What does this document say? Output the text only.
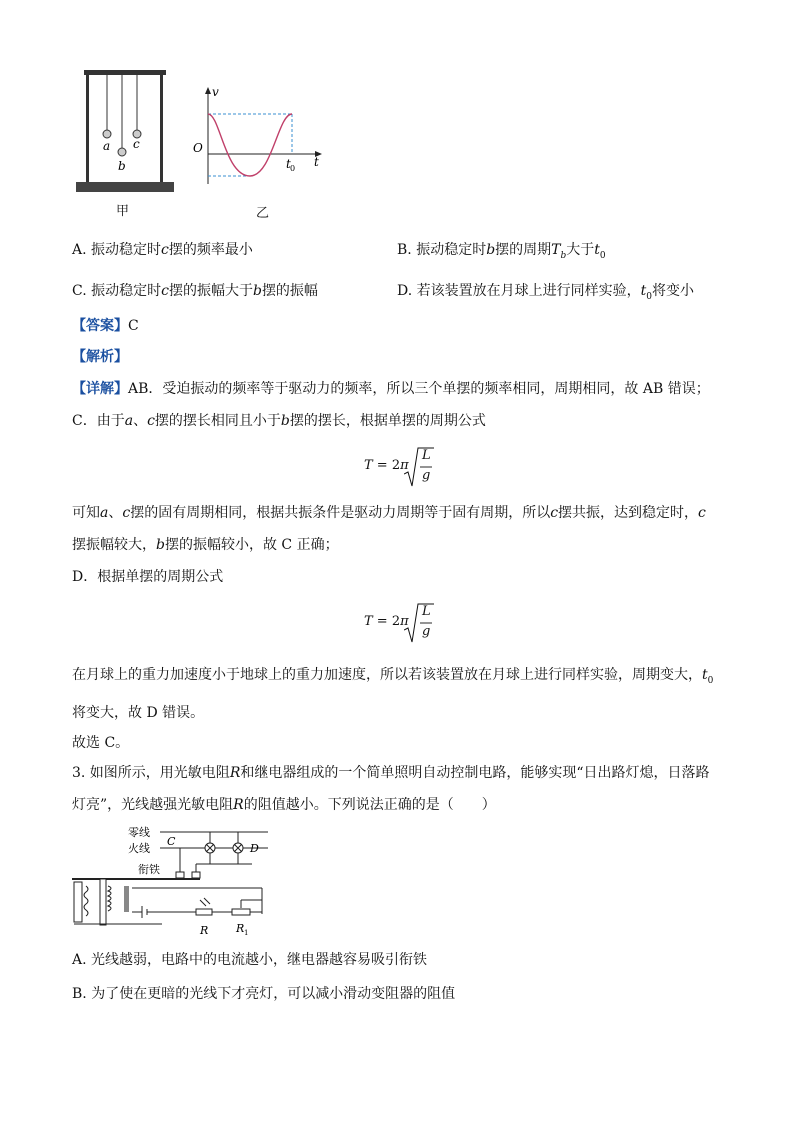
a c
b
甲
v
t
O
t 0
乙
A. 振动稳定时c摆的频率最小	B. 振动稳定时b摆的周期$T_b$大于$t_0$
C. 振动稳定时c摆的振幅大于b摆的振幅	D. 若该装置放在月球上进行同样实验，$t_0$将变小
【答案】C
【解析】
【详解】AB．受迫振动的频率等于驱动力的频率，所以三个单摆的频率相同，周期相同，故 AB 错误；
C．由于a、c摆的摆长相同且小于b摆的摆长，根据单摆的周期公式
T = 2π
L
g
可知a、c摆的固有周期相同，根据共振条件是驱动力周期等于固有周期，所以c摆共振，达到稳定时，c
摆振幅较大，b摆的振幅较小，故 C 正确；
D．根据单摆的周期公式
T = 2π
L
g
在月球上的重力加速度小于地球上的重力加速度，所以若该装置放在月球上进行同样实验，周期变大，$t_0$
将变大，故 D 错误。
故选 C。
3. 如图所示，用光敏电阻R和继电器组成的一个简单照明自动控制电路，能够实现“日出路灯熄，日落路
灯亮”，光线越强光敏电阻R的阻值越小。下列说法正确的是（　　）
零线
火线
衔铁
C
D
R	R 1
A. 光线越弱，电路中的电流越小，继电器越容易吸引衔铁
B. 为了使在更暗的光线下才亮灯，可以减小滑动变阻器的阻值
